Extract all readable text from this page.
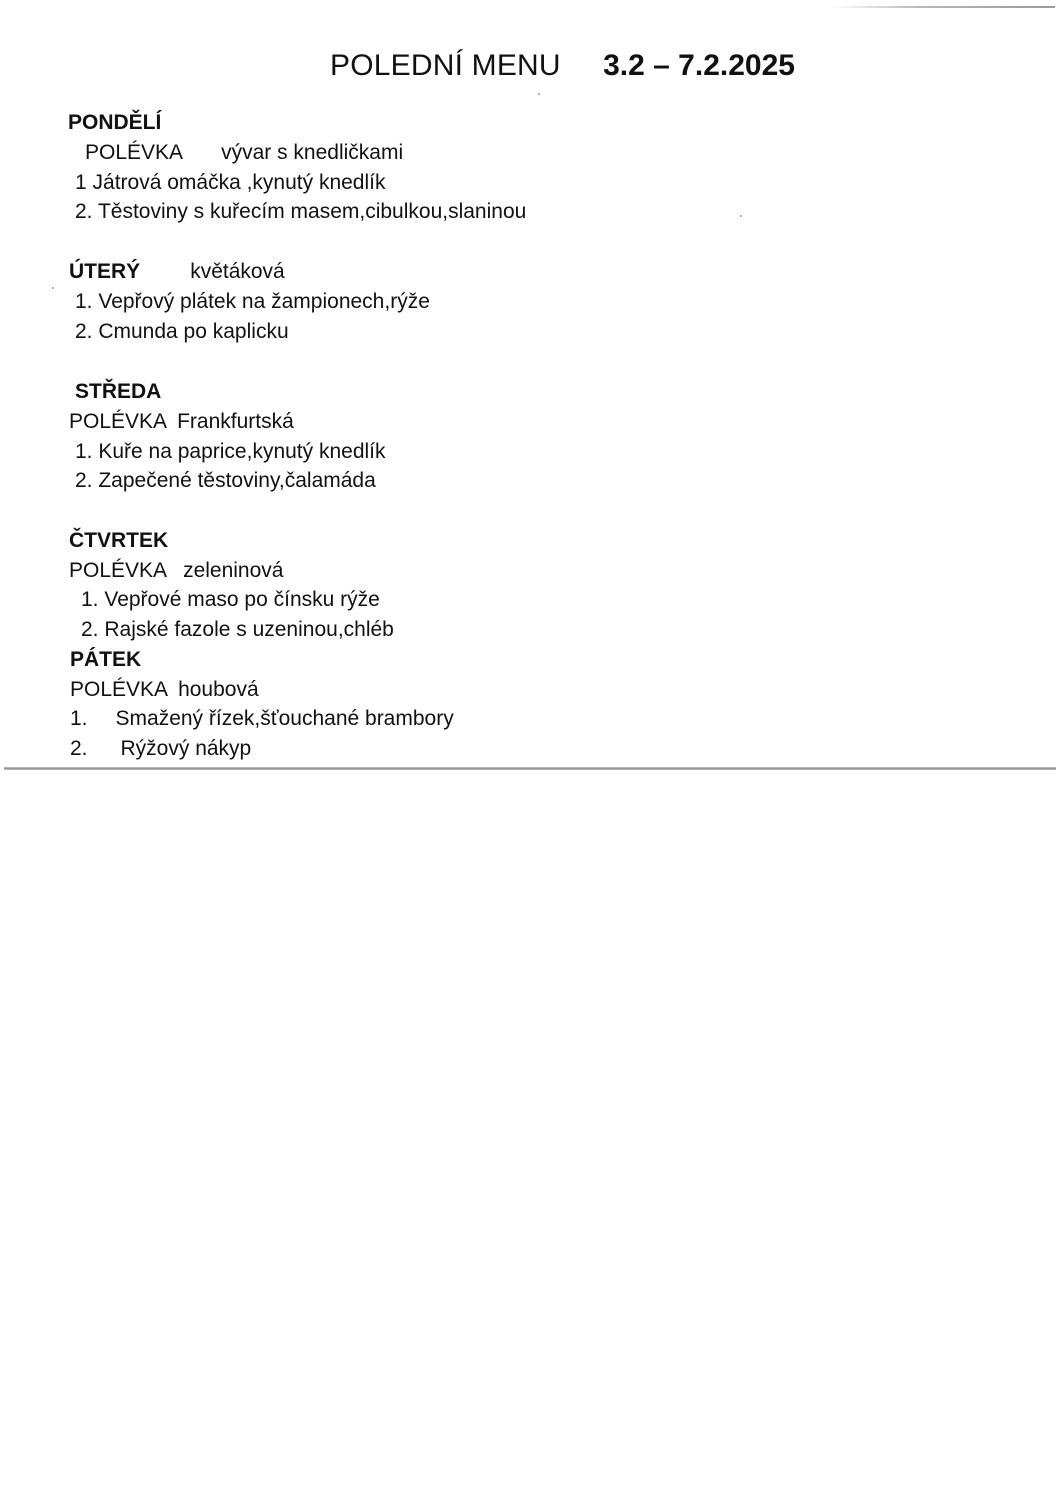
POLEDNÍ MENU 3.2 – 7.2.2025
PONDĚLÍ
POLÉVKA vývar s knedličkami
1 Játrová omáčka ,kynutý knedlík
2. Těstoviny s kuřecím masem,cibulkou,slaninou
ÚTERÝ květáková
1. Vepřový plátek na žampionech,rýže
2. Cmunda po kaplicku
STŘEDA
POLÉVKA Frankfurtská
1. Kuře na paprice,kynutý knedlík
2. Zapečené těstoviny,čalamáda
ČTVRTEK
POLÉVKA zeleninová
1. Vepřové maso po čínsku rýže
2. Rajské fazole s uzeninou,chléb
PÁTEK
POLÉVKA houbová
1. Smažený řízek,šťouchané brambory
2. Rýžový nákyp
